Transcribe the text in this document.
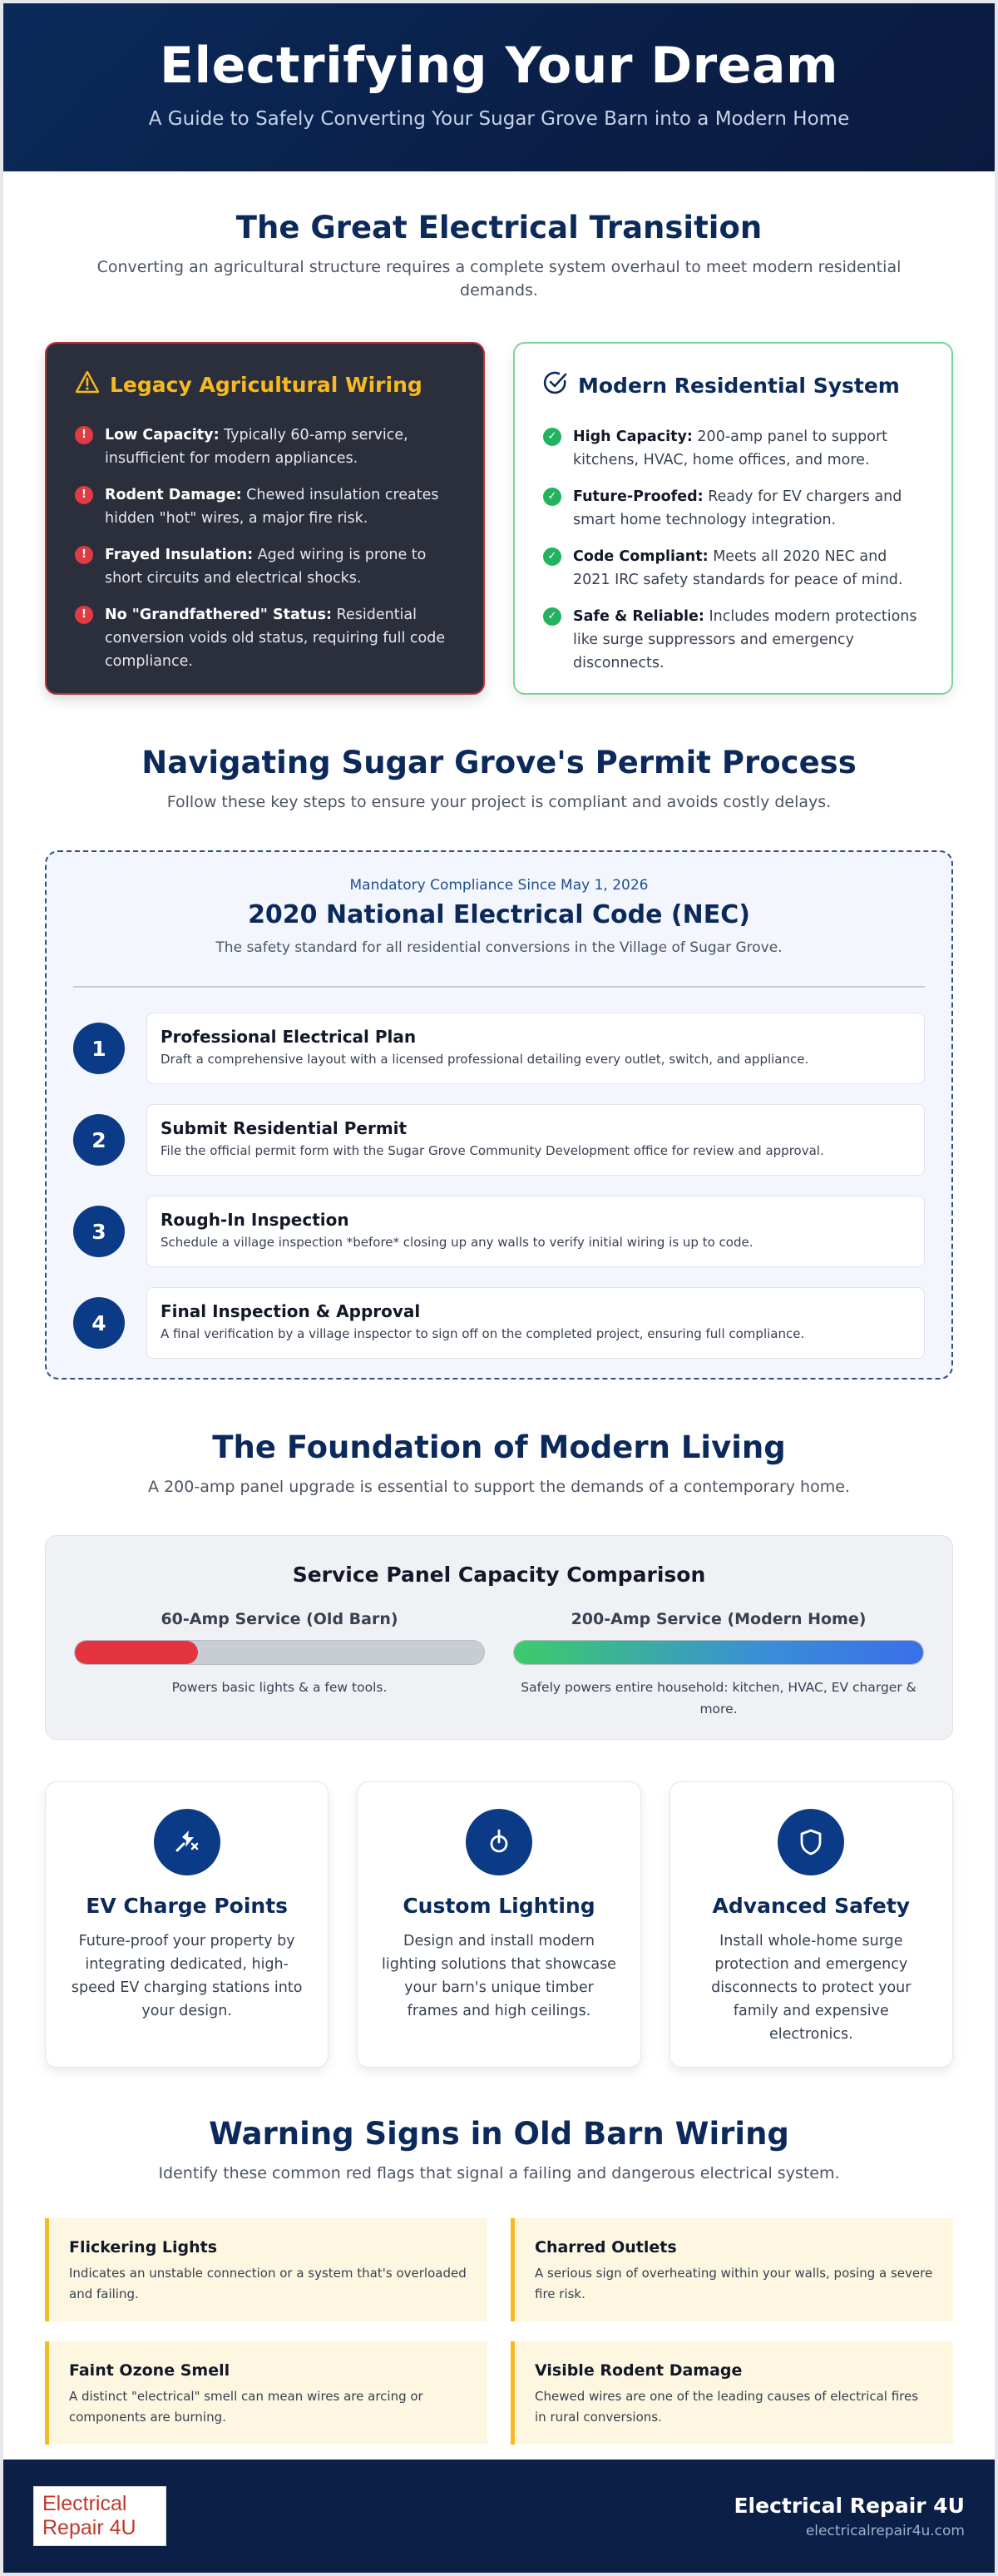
Electrifying Your Dream

A Guide to Safely Converting Your Sugar Grove Barn into a Modern Home

The Great Electrical Transition

Converting an agricultural structure requires a complete system overhaul to meet modern residential demands.

Legacy Agricultural Wiring
!	Low Capacity: Typically 60-amp service, insufficient for modern appliances.
!	Rodent Damage: Chewed insulation creates hidden "hot" wires, a major fire risk.
!	Frayed Insulation: Aged wiring is prone to short circuits and electrical shocks.
!	No "Grandfathered" Status: Residential conversion voids old status, requiring full code compliance.
Modern Residential System
✓	High Capacity: 200-amp panel to support kitchens, HVAC, home offices, and more.
✓	Future-Proofed: Ready for EV chargers and smart home technology integration.
✓	Code Compliant: Meets all 2020 NEC and 2021 IRC safety standards for peace of mind.
✓	Safe & Reliable: Includes modern protections like surge suppressors and emergency disconnects.
Navigating Sugar Grove's Permit Process

Follow these key steps to ensure your project is compliant and avoids costly delays.

Mandatory Compliance Since May 1, 2026
2020 National Electrical Code (NEC)
The safety standard for all residential conversions in the Village of Sugar Grove.
1	Professional Electrical Plan

Draft a comprehensive layout with a licensed professional detailing every outlet, switch, and appliance.

2	Submit Residential Permit

File the official permit form with the Sugar Grove Community Development office for review and approval.

3	Rough-In Inspection

Schedule a village inspection *before* closing up any walls to verify initial wiring is up to code.

4	Final Inspection & Approval

A final verification by a village inspector to sign off on the completed project, ensuring full compliance.

The Foundation of Modern Living

A 200-amp panel upgrade is essential to support the demands of a contemporary home.

Service Panel Capacity Comparison
60-Amp Service (Old Barn)

Powers basic lights & a few tools.

200-Amp Service (Modern Home)

Safely powers entire household: kitchen, HVAC, EV charger & more.

EV Charge Points

Future-proof your property by integrating dedicated, high-speed EV charging stations into your design.

Custom Lighting

Design and install modern lighting solutions that showcase your barn's unique timber frames and high ceilings.

Advanced Safety

Install whole-home surge protection and emergency disconnects to protect your family and expensive electronics.

Warning Signs in Old Barn Wiring

Identify these common red flags that signal a failing and dangerous electrical system.

Flickering Lights

Indicates an unstable connection or a system that's overloaded and failing.

Charred Outlets

A serious sign of overheating within your walls, posing a severe fire risk.

Faint Ozone Smell

A distinct "electrical" smell can mean wires are arcing or components are burning.

Visible Rodent Damage

Chewed wires are one of the leading causes of electrical fires in rural conversions.

Electrical
Repair 4U
Electrical Repair 4U
electricalrepair4u.com
